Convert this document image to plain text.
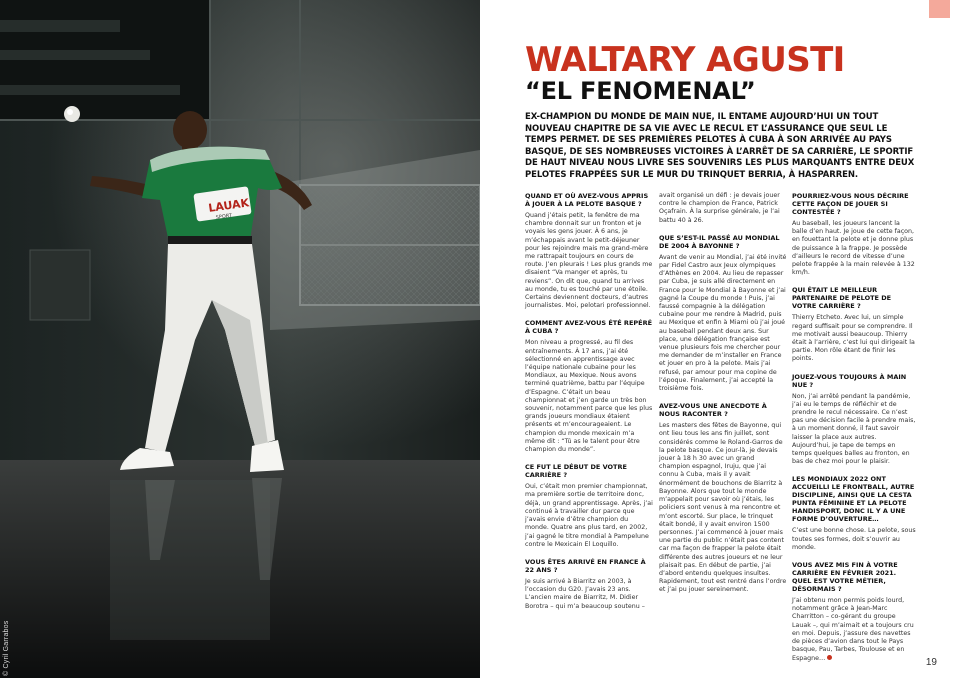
LAUAK
SPORT
© Cyril Garrabos
WALTARY AGUSTI
“EL FENOMENAL”

EX-CHAMPION DU MONDE DE MAIN NUE, IL ENTAME AUJOURD’HUI UN TOUT NOUVEAU CHAPITRE DE SA VIE AVEC LE RECUL ET L’ASSURANCE QUE SEUL LE TEMPS PERMET. DE SES PREMIÈRES PELOTES À CUBA À SON ARRIVÉE AU PAYS BASQUE, DE SES NOMBREUSES VICTOIRES À L’ARRÊT DE SA CARRIÈRE, LE SPORTIF DE HAUT NIVEAU NOUS LIVRE SES SOUVENIRS LES PLUS MARQUANTS ENTRE DEUX PELOTES FRAPPÉES SUR LE MUR DU TRINQUET BERRIA, À HASPARREN.

QUAND ET OÙ AVEZ-VOUS APPRIS À JOUER À LA PELOTE BASQUE ?

Quand j’étais petit, la fenêtre de ma chambre donnait sur un fronton et je voyais les gens jouer. À 6 ans, je m’échappais avant le petit-déjeuner pour les rejoindre mais ma grand-mère me rattrapait toujours en cours de route. J’en pleurais ! Les plus grands me disaient “Va manger et après, tu reviens”. On dit que, quand tu arrives au monde, tu es touché par une étoile. Certains deviennent docteurs, d’autres journalistes. Moi, pelotari professionnel.

COMMENT AVEZ-VOUS ÉTÉ REPÉRÉ À CUBA ?

Mon niveau a progressé, au fil des entraînements. À 17 ans, j’ai été sélectionné en apprentissage avec l’équipe nationale cubaine pour les Mondiaux, au Mexique. Nous avons terminé quatrième, battu par l’équipe d’Espagne. C’était un beau championnat et j’en garde un très bon souvenir, notamment parce que les plus grands joueurs mondiaux étaient présents et m’encourageaient. Le champion du monde mexicain m’a même dit : “Tú as le talent pour être champion du monde”.

CE FUT LE DÉBUT DE VOTRE CARRIÈRE ?

Oui, c’était mon premier championnat, ma première sortie de territoire donc, déjà, un grand apprentissage. Après, j’ai continué à travailler dur parce que j’avais envie d’être champion du monde. Quatre ans plus tard, en 2002, j’ai gagné le titre mondial à Pampelune contre le Mexicain El Loquillo.

VOUS ÊTES ARRIVÉ EN FRANCE À 22 ANS ?

Je suis arrivé à Biarritz en 2003, à l’occasion du G20. J’avais 23 ans. L’ancien maire de Biarritz, M. Didier Borotra – qui m’a beaucoup soutenu –

avait organisé un défi : je devais jouer contre le champion de France, Patrick Oçafrain. À la surprise générale, je l’ai battu 40 à 26.

QUE S’EST-IL PASSÉ AU MONDIAL DE 2004 À BAYONNE ?

Avant de venir au Mondial, j’ai été invité par Fidel Castro aux Jeux olympiques d’Athènes en 2004. Au lieu de repasser par Cuba, je suis allé directement en France pour le Mondial à Bayonne et j’ai gagné la Coupe du monde ! Puis, j’ai faussé compagnie à la délégation cubaine pour me rendre à Madrid, puis au Mexique et enfin à Miami où j’ai joué au baseball pendant deux ans. Sur place, une délégation française est venue plusieurs fois me chercher pour me demander de m’installer en France et jouer en pro à la pelote. Mais j’ai refusé, par amour pour ma copine de l’époque. Finalement, j’ai accepté la troisième fois.

AVEZ-VOUS UNE ANECDOTE À NOUS RACONTER ?

Les masters des fêtes de Bayonne, qui ont lieu tous les ans fin juillet, sont considérés comme le Roland-Garros de la pelote basque. Ce jour-là, je devais jouer à 18 h 30 avec un grand champion espagnol, Iruju, que j’ai connu à Cuba, mais il y avait énormément de bouchons de Biarritz à Bayonne. Alors que tout le monde m’appelait pour savoir où j’étais, les policiers sont venus à ma rencontre et m’ont escorté. Sur place, le trinquet était bondé, il y avait environ 1500 personnes. J’ai commencé à jouer mais une partie du public n’était pas content car ma façon de frapper la pelote était différente des autres joueurs et ne leur plaisait pas. En début de partie, j’ai d’abord entendu quelques insultes. Rapidement, tout est rentré dans l’ordre et j’ai pu jouer sereinement.

POURRIEZ-VOUS NOUS DÉCRIRE CETTE FAÇON DE JOUER SI CONTESTÉE ?

Au baseball, les joueurs lancent la balle d’en haut. Je joue de cette façon, en fouettant la pelote et je donne plus de puissance à la frappe. Je possède d’ailleurs le record de vitesse d’une pelote frappée à la main relevée à 132 km/h.

QUI ÉTAIT LE MEILLEUR PARTENAIRE DE PELOTE DE VOTRE CARRIÈRE ?

Thierry Etcheto. Avec lui, un simple regard suffisait pour se comprendre. Il me motivait aussi beaucoup. Thierry était à l’arrière, c’est lui qui dirigeait la partie. Mon rôle étant de finir les points.

JOUEZ-VOUS TOUJOURS À MAIN NUE ?

Non, j’ai arrêté pendant la pandémie, j’ai eu le temps de réfléchir et de prendre le recul nécessaire. Ce n’est pas une décision facile à prendre mais, à un moment donné, il faut savoir laisser la place aux autres. Aujourd’hui, je tape de temps en temps quelques balles au fronton, en bas de chez moi pour le plaisir.

LES MONDIAUX 2022 ONT ACCUEILLI LE FRONTBALL, AUTRE DISCIPLINE, AINSI QUE LA CESTA PUNTA FÉMININE ET LA PELOTE HANDISPORT, DONC IL Y A UNE FORME D’OUVERTURE…

C’est une bonne chose. La pelote, sous toutes ses formes, doit s’ouvrir au monde.

VOUS AVEZ MIS FIN À VOTRE CARRIÈRE EN FÉVRIER 2021. QUEL EST VOTRE MÉTIER, DÉSORMAIS ?

J’ai obtenu mon permis poids lourd, notamment grâce à Jean-Marc Charritton – co-gérant du groupe Lauak –, qui m’aimait et a toujours cru en moi. Depuis, j’assure des navettes de pièces d’avion dans tout le Pays basque, Pau, Tarbes, Toulouse et en Espagne…	19
